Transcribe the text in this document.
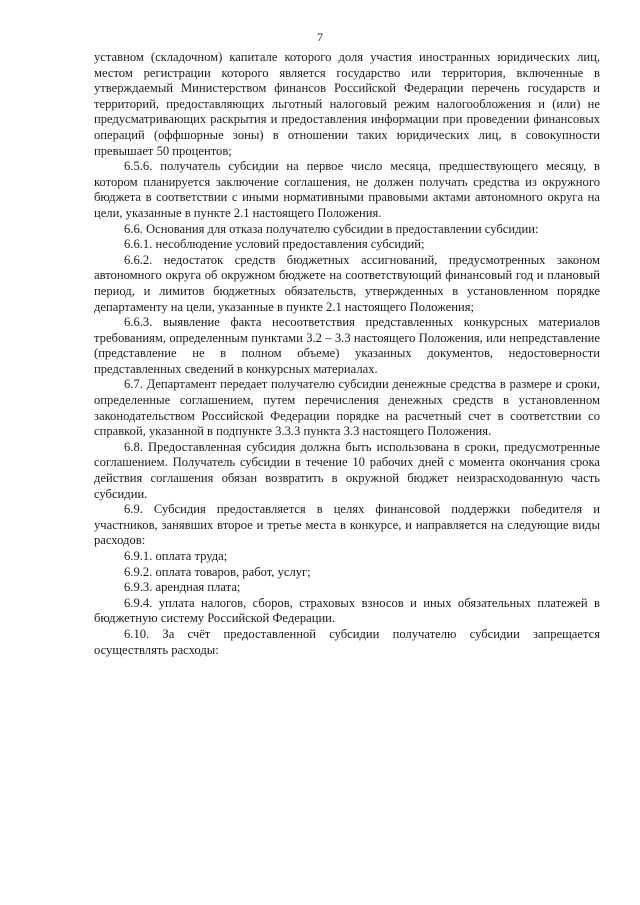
7

уставном (складочном) капитале которого доля участия иностранных юридических лиц, местом регистрации которого является государство или территория, включенные в утверждаемый Министерством финансов Российской Федерации перечень государств и территорий, предоставляющих льготный налоговый режим налогообложения и (или) не предусматривающих раскрытия и предоставления информации при проведении финансовых операций (оффшорные зоны) в отношении таких юридических лиц, в совокупности превышает 50 процентов;

6.5.6. получатель субсидии на первое число месяца, предшествующего месяцу, в котором планируется заключение соглашения, не должен получать средства из окружного бюджета в соответствии с иными нормативными правовыми актами автономного округа на цели, указанные в пункте 2.1 настоящего Положения.

6.6. Основания для отказа получателю субсидии в предоставлении субсидии:

6.6.1. несоблюдение условий предоставления субсидий;

6.6.2. недостаток средств бюджетных ассигнований, предусмотренных законом автономного округа об окружном бюджете на соответствующий финансовый год и плановый период, и лимитов бюджетных обязательств, утвержденных в установленном порядке департаменту на цели, указанные в пункте 2.1 настоящего Положения;

6.6.3. выявление факта несоответствия представленных конкурсных материалов требованиям, определенным пунктами 3.2 – 3.3 настоящего Положения, или непредставление (представление не в полном объеме) указанных документов, недостоверности представленных сведений в конкурсных материалах.

6.7. Департамент передает получателю субсидии денежные средства в размере и сроки, определенные соглашением, путем перечисления денежных средств в установленном законодательством Российской Федерации порядке на расчетный счет в соответствии со справкой, указанной в подпункте 3.3.3 пункта 3.3 настоящего Положения.

6.8. Предоставленная субсидия должна быть использована в сроки, предусмотренные соглашением. Получатель субсидии в течение 10 рабочих дней с момента окончания срока действия соглашения обязан возвратить в окружной бюджет неизрасходованную часть субсидии.

6.9. Субсидия предоставляется в целях финансовой поддержки победителя и участников, занявших второе и третье места в конкурсе, и направляется на следующие виды расходов:

6.9.1. оплата труда;

6.9.2. оплата товаров, работ, услуг;

6.9.3. арендная плата;

6.9.4. уплата налогов, сборов, страховых взносов и иных обязательных платежей в бюджетную систему Российской Федерации.

6.10. За счёт предоставленной субсидии получателю субсидии запрещается осуществлять расходы:
